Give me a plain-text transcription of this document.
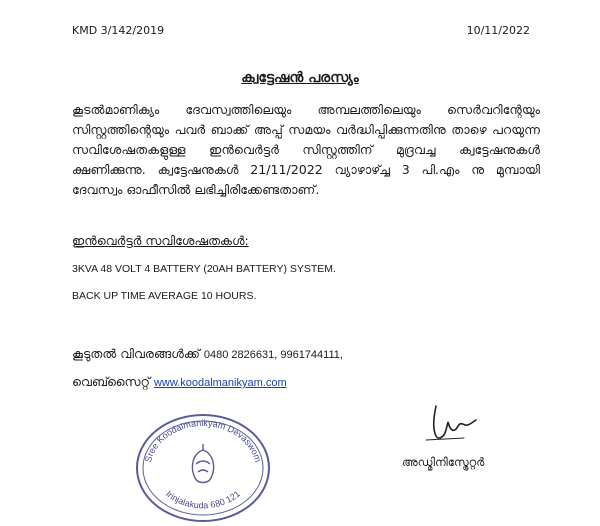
KMD 3/142/2019	10/11/2022
ക്വട്ടേഷൻ പരസ്യം
കൂടൽമാണിക്യം ദേവസ്വത്തിലെയും അമ്പലത്തിലെയും സെർവറിന്റേയും സിസ്റ്റത്തിന്റെയും പവർ ബാക്ക് അപ്പ് സമയം വർദ്ധിപ്പിക്കുന്നതിനു താഴെ പറയുന്ന സവിശേഷതകളുള്ള ഇൻവെർട്ടർ സിസ്റ്റത്തിന് മുദ്രവച്ച ക്വട്ടേഷനുകൾ ക്ഷണിക്കുന്നു. ക്വട്ടേഷനുകൾ 21/11/2022 വ്യാഴാഴ്ച്ച 3 പി.എം നു മുമ്പായി ദേവസ്വം ഓഫീസിൽ ലഭിച്ചിരിക്കേണ്ടതാണ്.
ഇൻവെർട്ടർ സവിശേഷതകൾ:
3KVA 48 VOLT 4 BATTERY (20AH BATTERY) SYSTEM.
BACK UP TIME AVERAGE 10 HOURS.
കൂടുതൽ വിവരങ്ങൾക്ക് 0480 2826631, 9961744111,
വെബ്സൈറ്റ് www.koodalmanikyam.com
Sree Koodalmanikyam Devaswom
Irinjalakuda 680 121
അഡ്മിനിസ്ട്രേറ്റർ
